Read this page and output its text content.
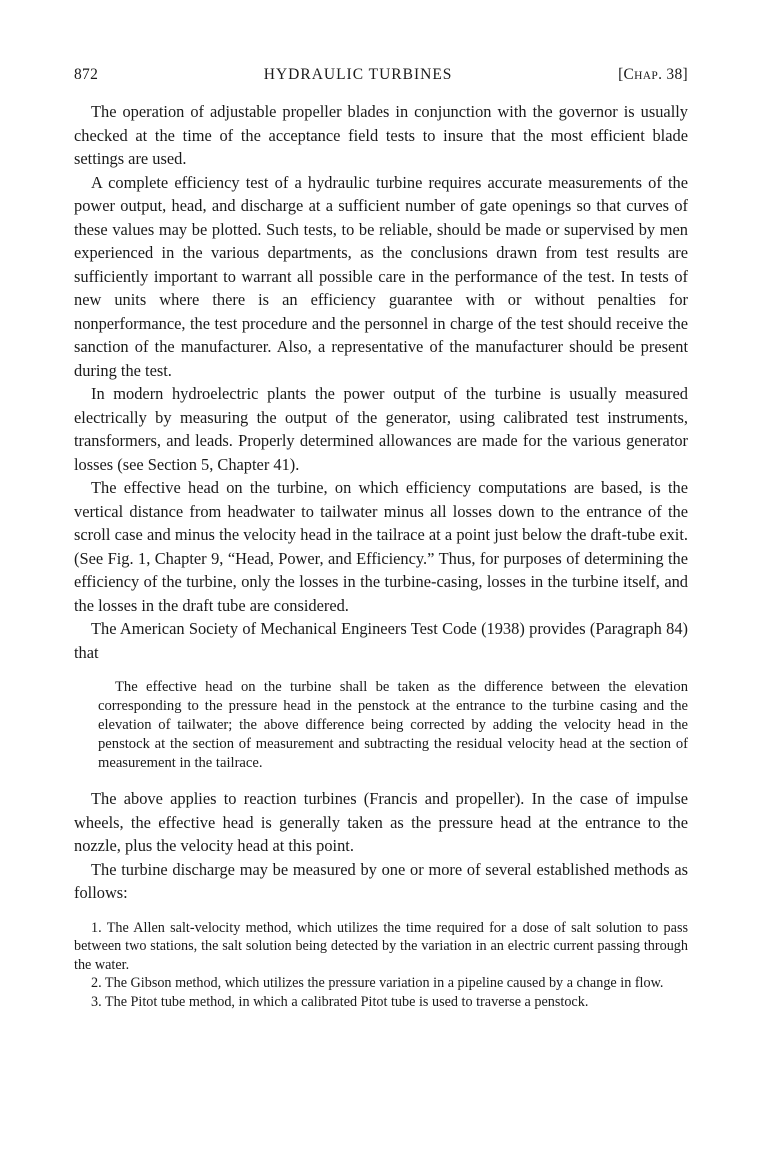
872	HYDRAULIC TURBINES	[CHAP. 38]

The operation of adjustable propeller blades in conjunction with the governor is usually checked at the time of the acceptance field tests to insure that the most efficient blade settings are used.

A complete efficiency test of a hydraulic turbine requires accurate measurements of the power output, head, and discharge at a sufficient number of gate openings so that curves of these values may be plotted. Such tests, to be reliable, should be made or supervised by men experienced in the various departments, as the conclusions drawn from test results are sufficiently important to warrant all possible care in the performance of the test. In tests of new units where there is an efficiency guarantee with or without penalties for nonperformance, the test procedure and the personnel in charge of the test should receive the sanction of the manufacturer. Also, a representative of the manufacturer should be present during the test.

In modern hydroelectric plants the power output of the turbine is usually measured electrically by measuring the output of the generator, using calibrated test instruments, transformers, and leads. Properly determined allowances are made for the various generator losses (see Section 5, Chapter 41).

The effective head on the turbine, on which efficiency computations are based, is the vertical distance from headwater to tailwater minus all losses down to the entrance of the scroll case and minus the velocity head in the tailrace at a point just below the draft-tube exit. (See Fig. 1, Chapter 9, “Head, Power, and Efficiency.” Thus, for purposes of determining the efficiency of the turbine, only the losses in the turbine-casing, losses in the turbine itself, and the losses in the draft tube are considered.

The American Society of Mechanical Engineers Test Code (1938) provides (Paragraph 84) that

The effective head on the turbine shall be taken as the difference between the elevation corresponding to the pressure head in the penstock at the entrance to the turbine casing and the elevation of tailwater; the above difference being corrected by adding the velocity head in the penstock at the section of measurement and subtracting the residual velocity head at the section of measurement in the tailrace.

The above applies to reaction turbines (Francis and propeller). In the case of impulse wheels, the effective head is generally taken as the pressure head at the entrance to the nozzle, plus the velocity head at this point.

The turbine discharge may be measured by one or more of several established methods as follows:

1. The Allen salt-velocity method, which utilizes the time required for a dose of salt solution to pass between two stations, the salt solution being detected by the variation in an electric current passing through the water.

2. The Gibson method, which utilizes the pressure variation in a pipeline caused by a change in flow.

3. The Pitot tube method, in which a calibrated Pitot tube is used to traverse a penstock.
